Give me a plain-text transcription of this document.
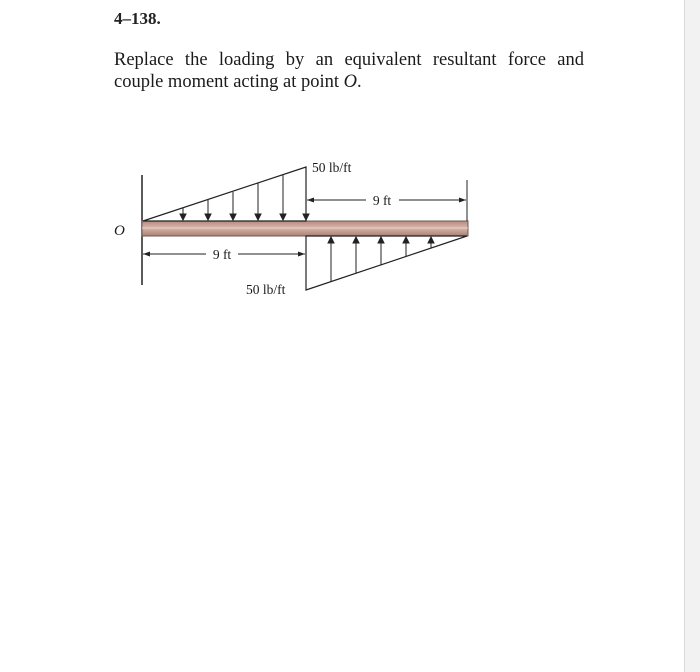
4–138.
Replace the loading by an equivalent resultant force and couple moment acting at point O.
9 ft
9 ft
50 lb/ft
50 lb/ft
O
